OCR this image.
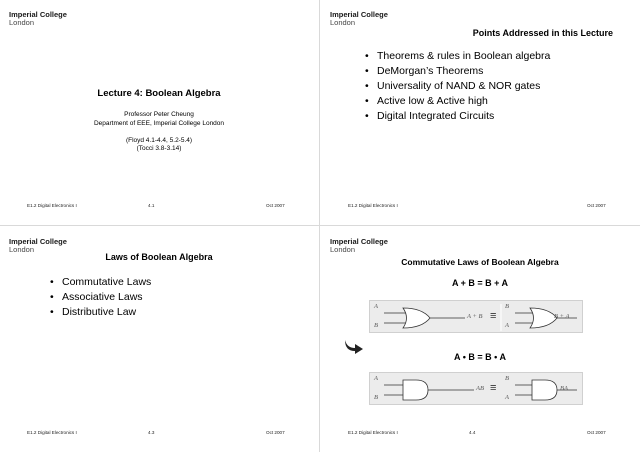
Imperial College
London
Lecture 4: Boolean Algebra
Professor Peter Cheung
Department of EEE, Imperial College London
(Floyd 4.1-4.4, 5.2-5.4)
(Tocci 3.8-3.14)
E1.2 Digital Electronics I	4.1	Oct 2007
Imperial College
London
Points Addressed in this Lecture
• Theorems & rules in Boolean algebra
• DeMorgan’s Theorems
• Universality of NAND & NOR gates
• Active low & Active high
• Digital Integrated Circuits
E1.2 Digital Electronics I	Oct 2007
Imperial College
London
Laws of Boolean Algebra
• Commutative Laws
• Associative Laws
• Distributive Law
E1.2 Digital Electronics I	4.3	Oct 2007
Imperial College
London
Commutative Laws of Boolean Algebra
A + B = B + A
A
B
A + B ≡
B
A
B + A
A • B = B • A
A
B
AB ≡
B
A
BA
E1.2 Digital Electronics I	4.4	Oct 2007
